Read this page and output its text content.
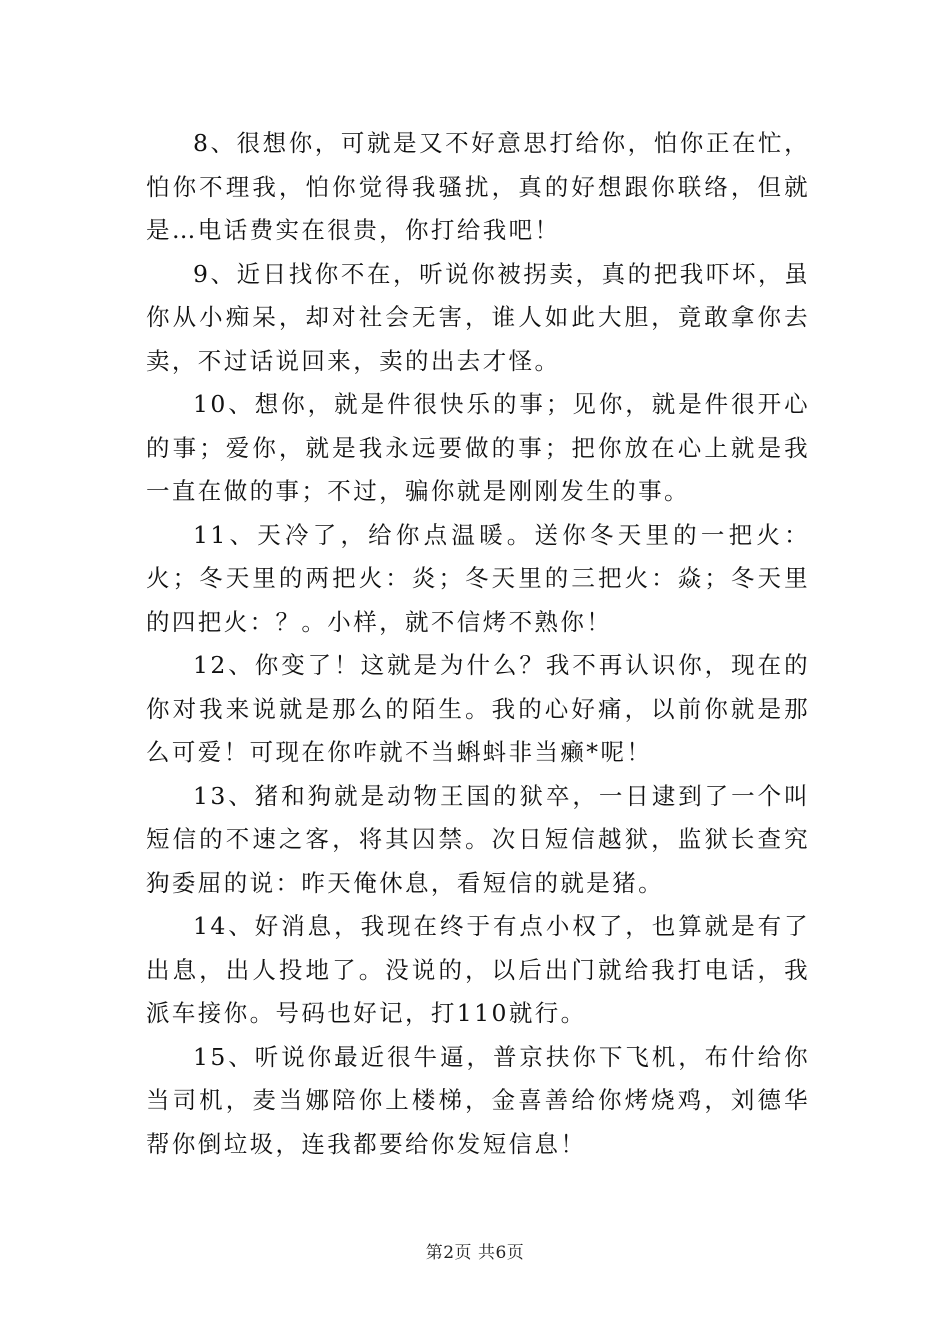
8、很想你，可就是又不好意思打给你，怕你正在忙，怕你不理我，怕你觉得我骚扰，真的好想跟你联络，但就是…电话费实在很贵，你打给我吧！

9、近日找你不在，听说你被拐卖，真的把我吓坏，虽你从小痴呆，却对社会无害，谁人如此大胆，竟敢拿你去卖，不过话说回来，卖的出去才怪。

10、想你，就是件很快乐的事；见你，就是件很开心的事；爱你，就是我永远要做的事；把你放在心上就是我一直在做的事；不过，骗你就是刚刚发生的事。

11、天冷了，给你点温暖。送你冬天里的一把火：火；冬天里的两把火：炎；冬天里的三把火：焱；冬天里的四把火：？。小样，就不信烤不熟你！

12、你变了！这就是为什么？我不再认识你，现在的你对我来说就是那么的陌生。我的心好痛，以前你就是那么可爱！可现在你咋就不当蝌蚪非当癞*呢！

13、猪和狗就是动物王国的狱卒，一日逮到了一个叫短信的不速之客，将其囚禁。次日短信越狱，监狱长查究狗委屈的说：昨天俺休息，看短信的就是猪。

14、好消息，我现在终于有点小权了，也算就是有了出息，出人投地了。没说的，以后出门就给我打电话，我派车接你。号码也好记，打110就行。

15、听说你最近很牛逼，普京扶你下飞机，布什给你当司机，麦当娜陪你上楼梯，金喜善给你烤烧鸡，刘德华帮你倒垃圾，连我都要给你发短信息！

第2页 共6页
